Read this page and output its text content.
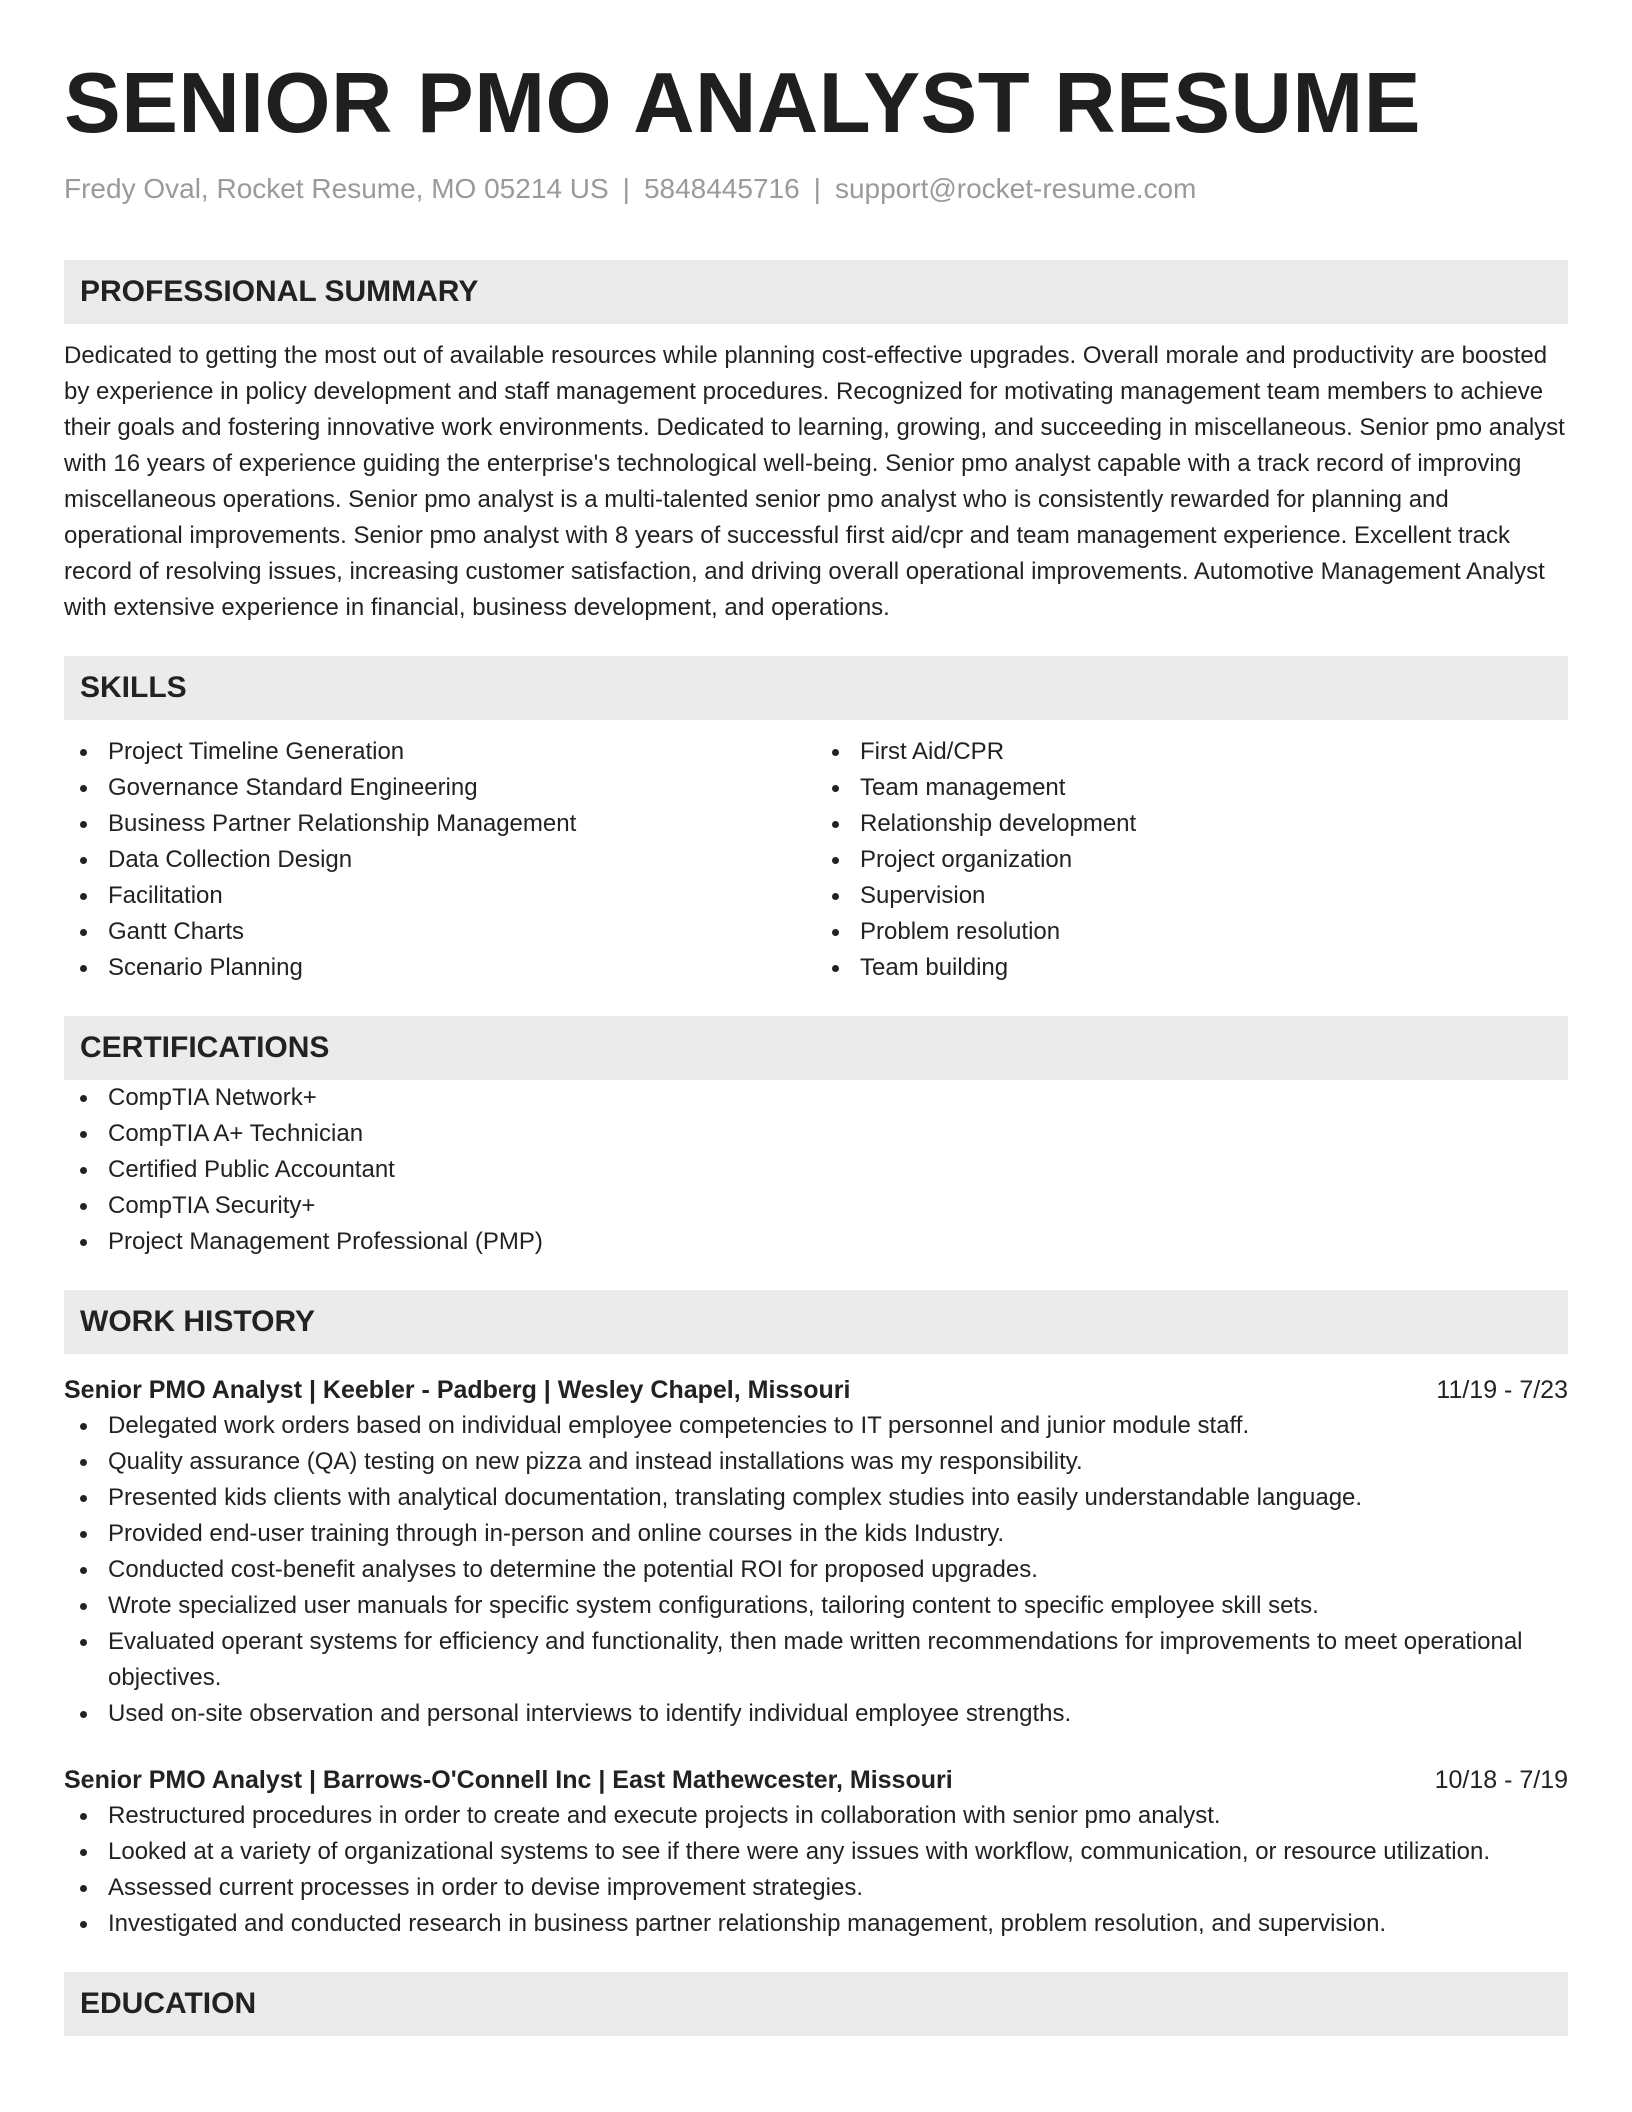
SENIOR PMO ANALYST RESUME
Fredy Oval, Rocket Resume, MO 05214 US | 5848445716 | support@rocket-resume.com
PROFESSIONAL SUMMARY

Dedicated to getting the most out of available resources while planning cost-effective upgrades. Overall morale and productivity are boosted by experience in policy development and staff management procedures. Recognized for motivating management team members to achieve their goals and fostering innovative work environments. Dedicated to learning, growing, and succeeding in miscellaneous. Senior pmo analyst with 16 years of experience guiding the enterprise's technological well-being. Senior pmo analyst capable with a track record of improving miscellaneous operations. Senior pmo analyst is a multi-talented senior pmo analyst who is consistently rewarded for planning and operational improvements. Senior pmo analyst with 8 years of successful first aid/cpr and team management experience. Excellent track record of resolving issues, increasing customer satisfaction, and driving overall operational improvements. Automotive Management Analyst with extensive experience in financial, business development, and operations.

SKILLS
Project Timeline Generation
Governance Standard Engineering
Business Partner Relationship Management
Data Collection Design
Facilitation
Gantt Charts
Scenario Planning
First Aid/CPR
Team management
Relationship development
Project organization
Supervision
Problem resolution
Team building
CERTIFICATIONS
CompTIA Network+
CompTIA A+ Technician
Certified Public Accountant
CompTIA Security+
Project Management Professional (PMP)
WORK HISTORY
Senior PMO Analyst | Keebler - Padberg | Wesley Chapel, Missouri	11/19 - 7/23
Delegated work orders based on individual employee competencies to IT personnel and junior module staff.
Quality assurance (QA) testing on new pizza and instead installations was my responsibility.
Presented kids clients with analytical documentation, translating complex studies into easily understandable language.
Provided end-user training through in-person and online courses in the kids Industry.
Conducted cost-benefit analyses to determine the potential ROI for proposed upgrades.
Wrote specialized user manuals for specific system configurations, tailoring content to specific employee skill sets.
Evaluated operant systems for efficiency and functionality, then made written recommendations for improvements to meet operational objectives.
Used on-site observation and personal interviews to identify individual employee strengths.
Senior PMO Analyst | Barrows-O'Connell Inc | East Mathewcester, Missouri	10/18 - 7/19
Restructured procedures in order to create and execute projects in collaboration with senior pmo analyst.
Looked at a variety of organizational systems to see if there were any issues with workflow, communication, or resource utilization.
Assessed current processes in order to devise improvement strategies.
Investigated and conducted research in business partner relationship management, problem resolution, and supervision.
EDUCATION
